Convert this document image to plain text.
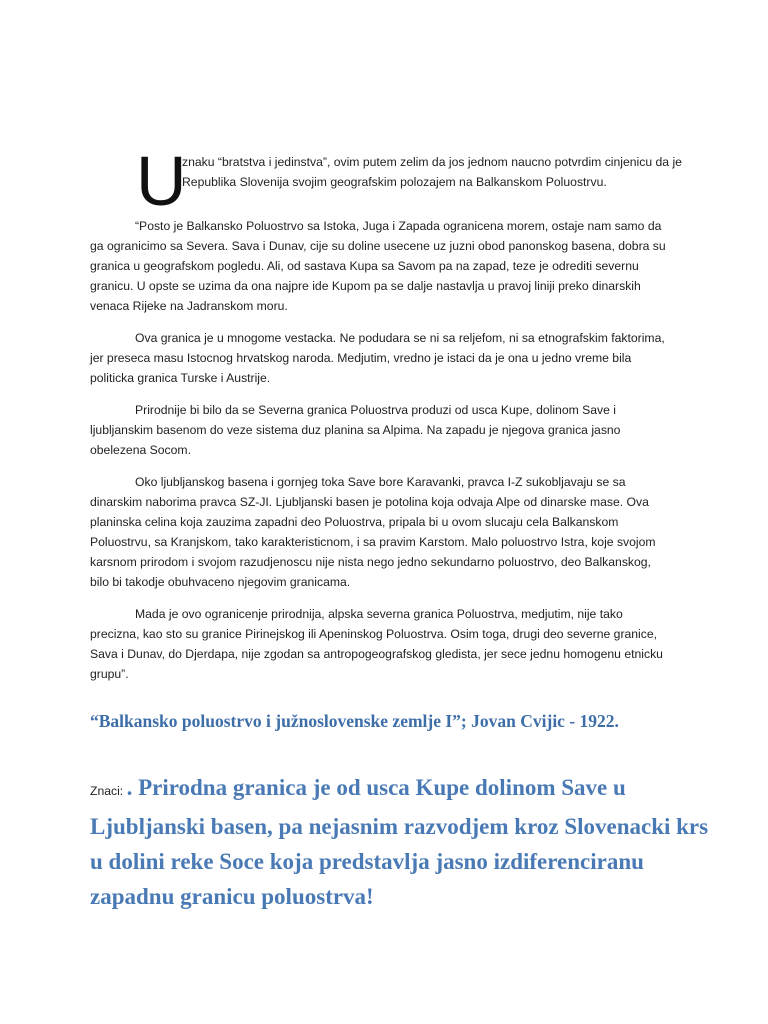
U
znaku “bratstva i jedinstva”, ovim putem zelim da jos jednom naucno potvrdim cinjenicu da je Republika Slovenija svojim geografskim polozajem na Balkanskom Poluostrvu.

“Posto je Balkansko Poluostrvo sa Istoka, Juga i Zapada ogranicena morem, ostaje nam samo da ga ogranicimo sa Severa. Sava i Dunav, cije su doline usecene uz juzni obod panonskog basena, dobra su granica u geografskom pogledu. Ali, od sastava Kupa sa Savom pa na zapad, teze je odrediti severnu granicu. U opste se uzima da ona najpre ide Kupom pa se dalje nastavlja u pravoj liniji preko dinarskih venaca Rijeke na Jadranskom moru.

Ova granica je u mnogome vestacka. Ne podudara se ni sa reljefom, ni sa etnografskim faktorima, jer preseca masu Istocnog hrvatskog naroda. Medjutim, vredno je istaci da je ona u jedno vreme bila politicka granica Turske i Austrije.

Prirodnije bi bilo da se Severna granica Poluostrva produzi od usca Kupe, dolinom Save i ljubljanskim basenom do veze sistema duz planina sa Alpima. Na zapadu je njegova granica jasno obelezena Socom.

Oko ljubljanskog basena i gornjeg toka Save bore Karavanki, pravca I-Z sukobljavaju se sa dinarskim naborima pravca SZ-JI. Ljubljanski basen je potolina koja odvaja Alpe od dinarske mase. Ova planinska celina koja zauzima zapadni deo Poluostrva, pripala bi u ovom slucaju cela Balkanskom Poluostrvu, sa Kranjskom, tako karakteristicnom, i sa pravim Karstom. Malo poluostrvo Istra, koje svojom karsnom prirodom i svojom razudjenoscu nije nista nego jedno sekundarno poluostrvo, deo Balkanskog, bilo bi takodje obuhvaceno njegovim granicama.

Mada je ovo ogranicenje prirodnija, alpska severna granica Poluostrva, medjutim, nije tako precizna, kao sto su granice Pirinejskog ili Apeninskog Poluostrva. Osim toga, drugi deo severne granice, Sava i Dunav, do Djerdapa, nije zgodan sa antropogeografskog gledista, jer sece jednu homogenu etnicku grupu”.

“Balkansko poluostrvo i južnoslovenske zemlje I”; Jovan Cvijic - 1922.
Znaci: . Prirodna granica je od usca Kupe dolinom Save u Ljubljanski basen, pa nejasnim razvodjem kroz Slovenacki krs u dolini reke Soce koja predstavlja jasno izdiferenciranu zapadnu granicu poluostrva!
